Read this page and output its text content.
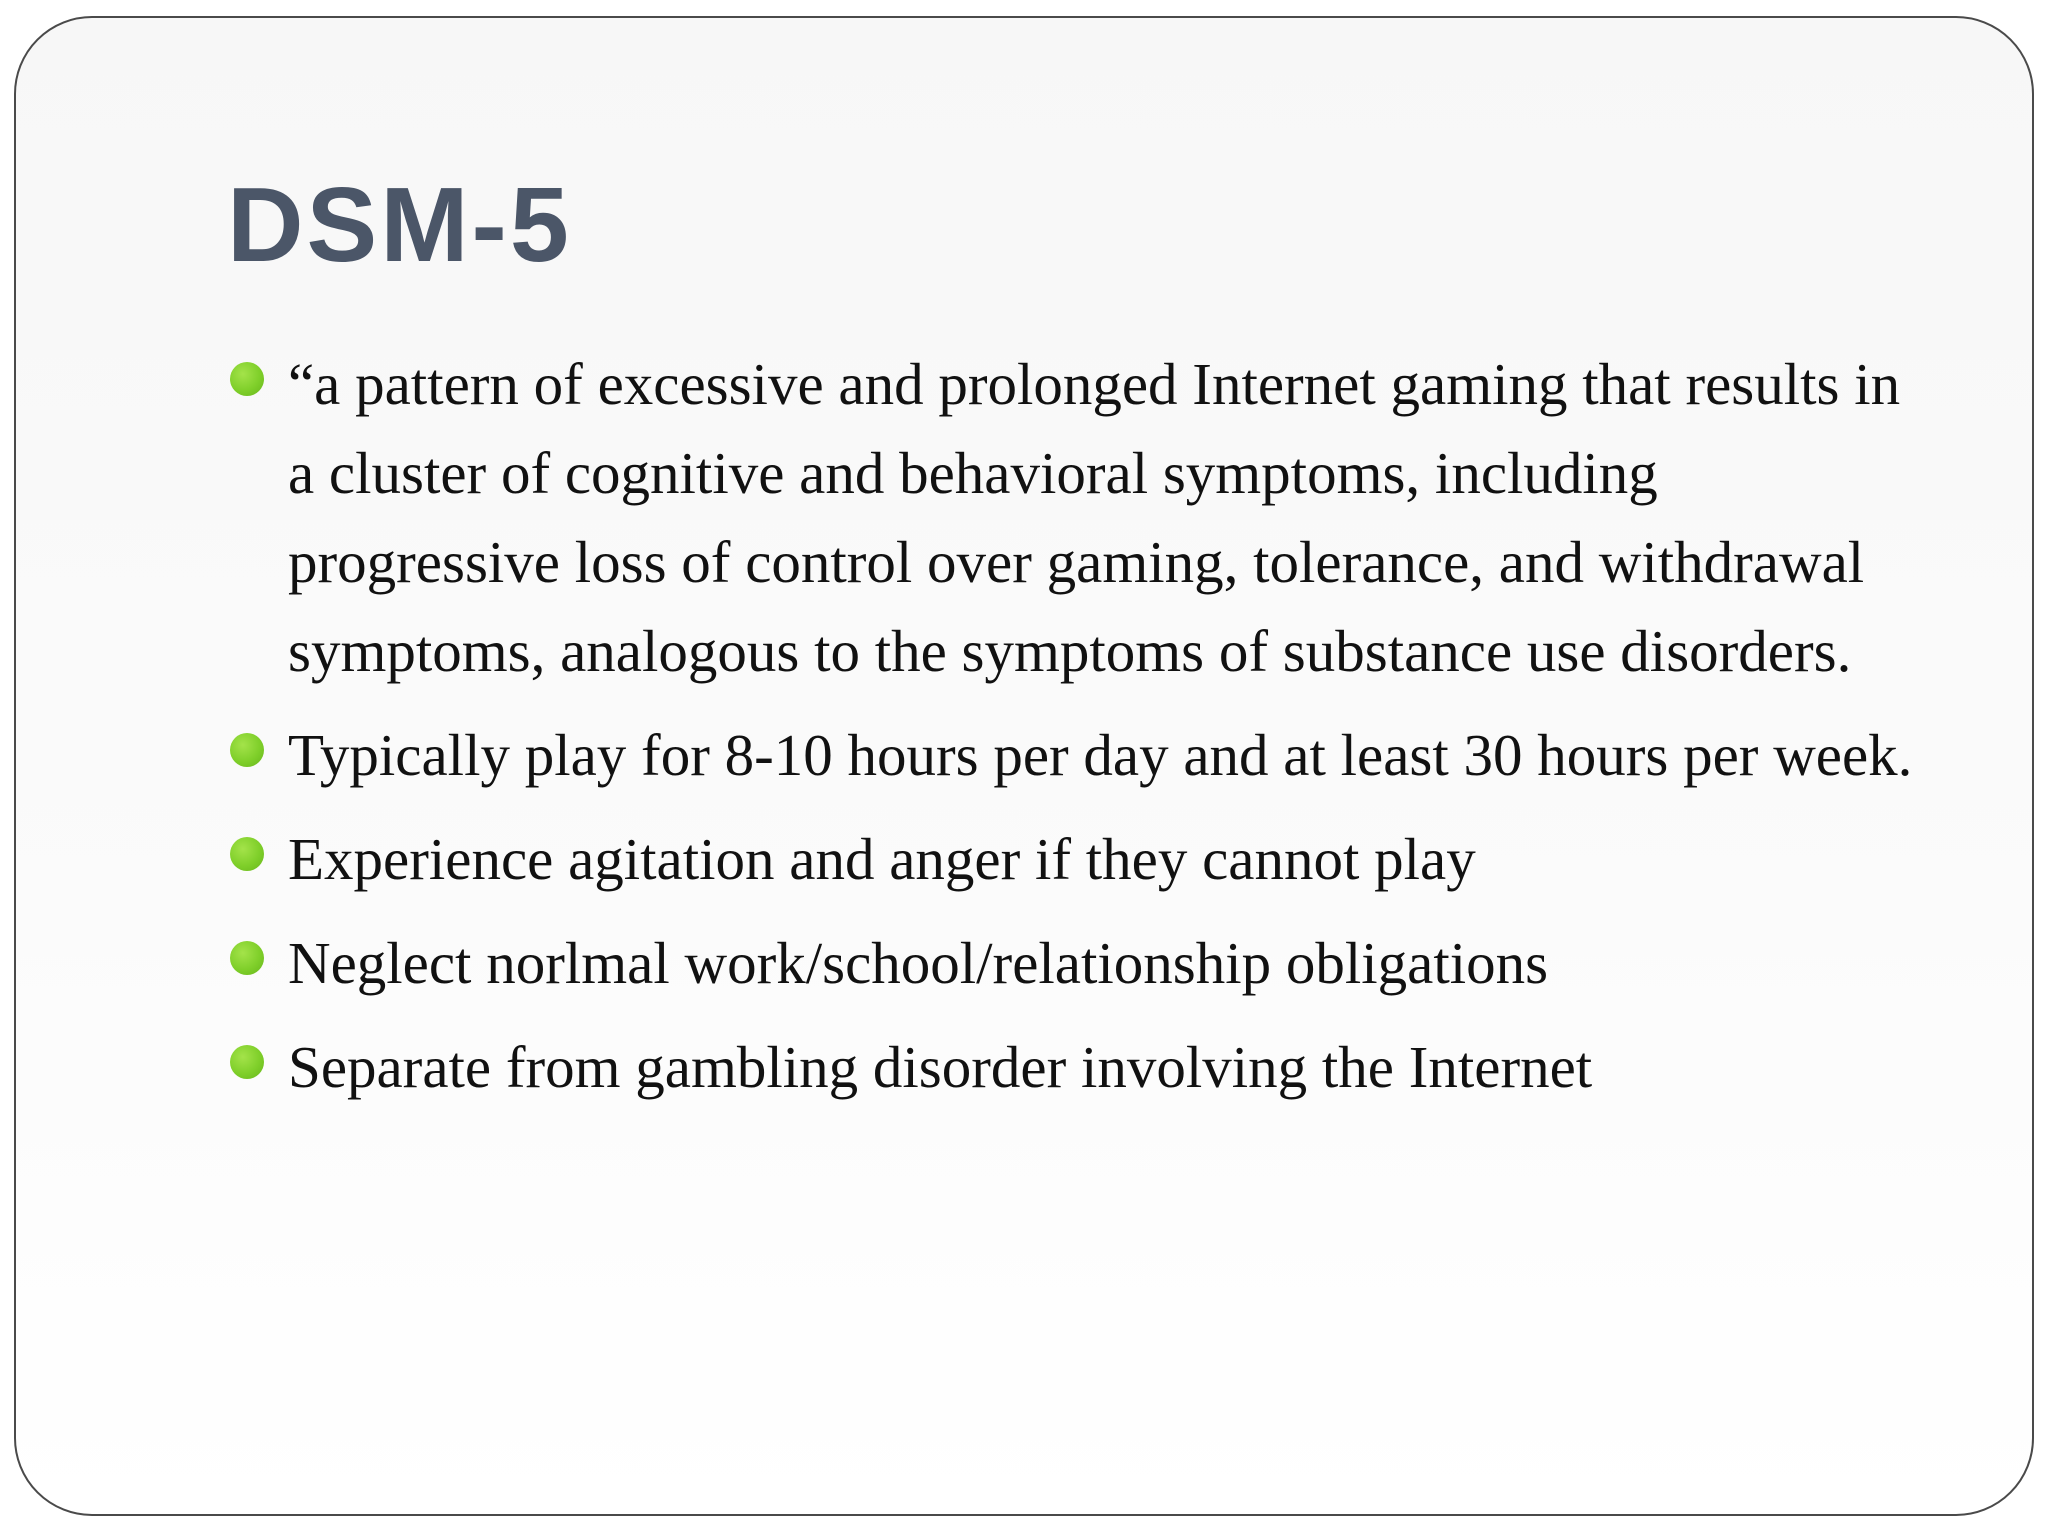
DSM-5
“a pattern of excessive and prolonged Internet gaming that results in a cluster of cognitive and behavioral symptoms, including progressive loss of control over gaming, tolerance, and withdrawal symptoms, analogous to the symptoms of substance use disorders.
Typically play for 8-10 hours per day and at least 30 hours per week.
Experience agitation and anger if they cannot play
Neglect norlmal work/school/relationship obligations
Separate from gambling disorder involving the Internet
